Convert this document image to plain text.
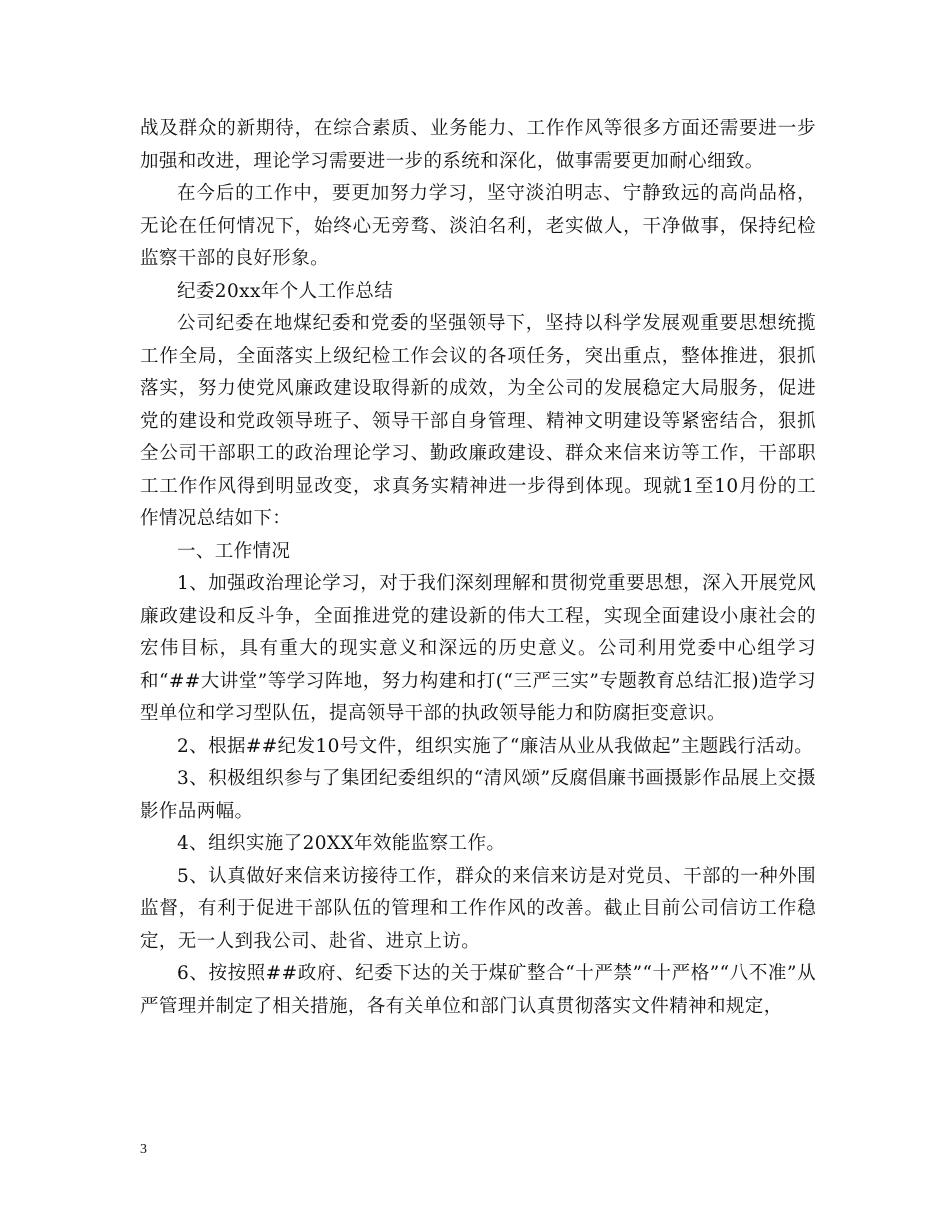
战及群众的新期待，在综合素质、业务能力、工作作风等很多方面还需要进一步加强和改进，理论学习需要进一步的系统和深化，做事需要更加耐心细致。

在今后的工作中，要更加努力学习，坚守淡泊明志、宁静致远的高尚品格，无论在任何情况下，始终心无旁骛、淡泊名利，老实做人，干净做事，保持纪检监察干部的良好形象。

纪委20xx年个人工作总结

公司纪委在地煤纪委和党委的坚强领导下，坚持以科学发展观重要思想统揽工作全局，全面落实上级纪检工作会议的各项任务，突出重点，整体推进，狠抓落实，努力使党风廉政建设取得新的成效，为全公司的发展稳定大局服务，促进党的建设和党政领导班子、领导干部自身管理、精神文明建设等紧密结合，狠抓全公司干部职工的政治理论学习、勤政廉政建设、群众来信来访等工作，干部职工工作作风得到明显改变，求真务实精神进一步得到体现。现就1至10月份的工作情况总结如下：

一、工作情况

1、加强政治理论学习，对于我们深刻理解和贯彻党重要思想，深入开展党风廉政建设和反斗争，全面推进党的建设新的伟大工程，实现全面建设小康社会的宏伟目标，具有重大的现实意义和深远的历史意义。公司利用党委中心组学习和“##大讲堂”等学习阵地，努力构建和打(“三严三实”专题教育总结汇报)造学习型单位和学习型队伍，提高领导干部的执政领导能力和防腐拒变意识。

2、根据##纪发10号文件，组织实施了“廉洁从业从我做起”主题践行活动。

3、积极组织参与了集团纪委组织的“清风颂”反腐倡廉书画摄影作品展上交摄影作品两幅。

4、组织实施了20XX年效能监察工作。

5、认真做好来信来访接待工作，群众的来信来访是对党员、干部的一种外围监督，有利于促进干部队伍的管理和工作作风的改善。截止目前公司信访工作稳定，无一人到我公司、赴省、进京上访。

6、按按照##政府、纪委下达的关于煤矿整合“十严禁”“十严格”“八不准”从严管理并制定了相关措施，各有关单位和部门认真贯彻落实文件精神和规定，

3
